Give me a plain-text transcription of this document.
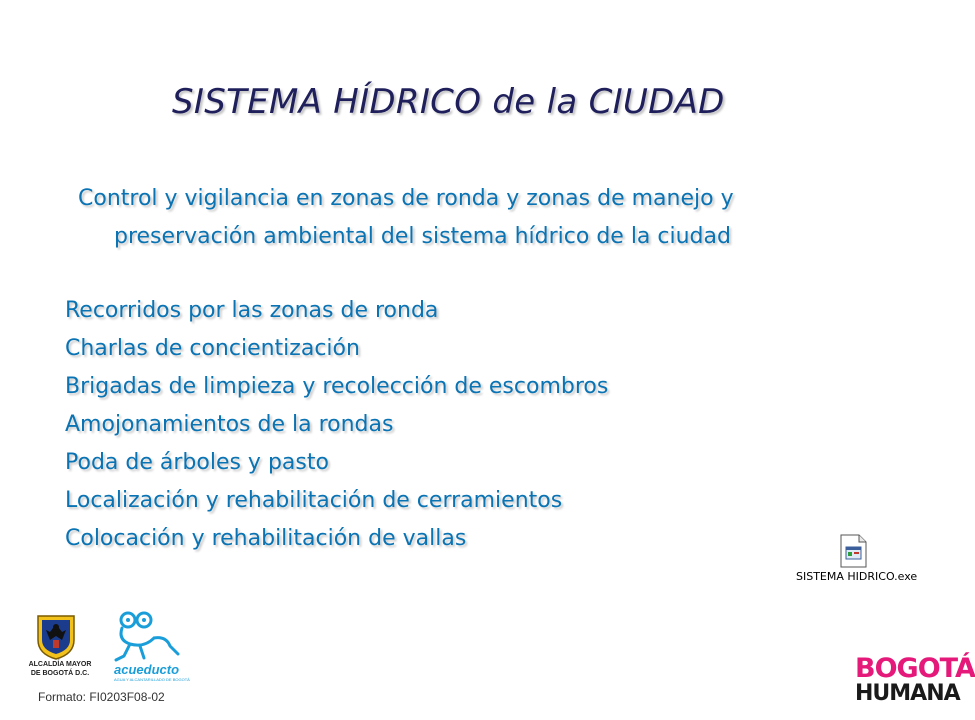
SISTEMA HÍDRICO de la CIUDAD
Control y vigilancia en zonas de ronda y zonas de manejo y
preservación ambiental del sistema hídrico de la ciudad
Recorridos por las zonas de ronda
Charlas de concientización
Brigadas de limpieza y recolección de escombros
Amojonamientos de la rondas
Poda de árboles y pasto
Localización y rehabilitación de cerramientos
Colocación y rehabilitación de vallas
SISTEMA HIDRICO.exe
ALCALDÍA MAYOR
DE BOGOTÁ D.C.	acueducto
AGUA Y ALCANTARILLADO DE BOGOTÁ
Formato: FI0203F08-02
BOGOTÁ
HUMANA
